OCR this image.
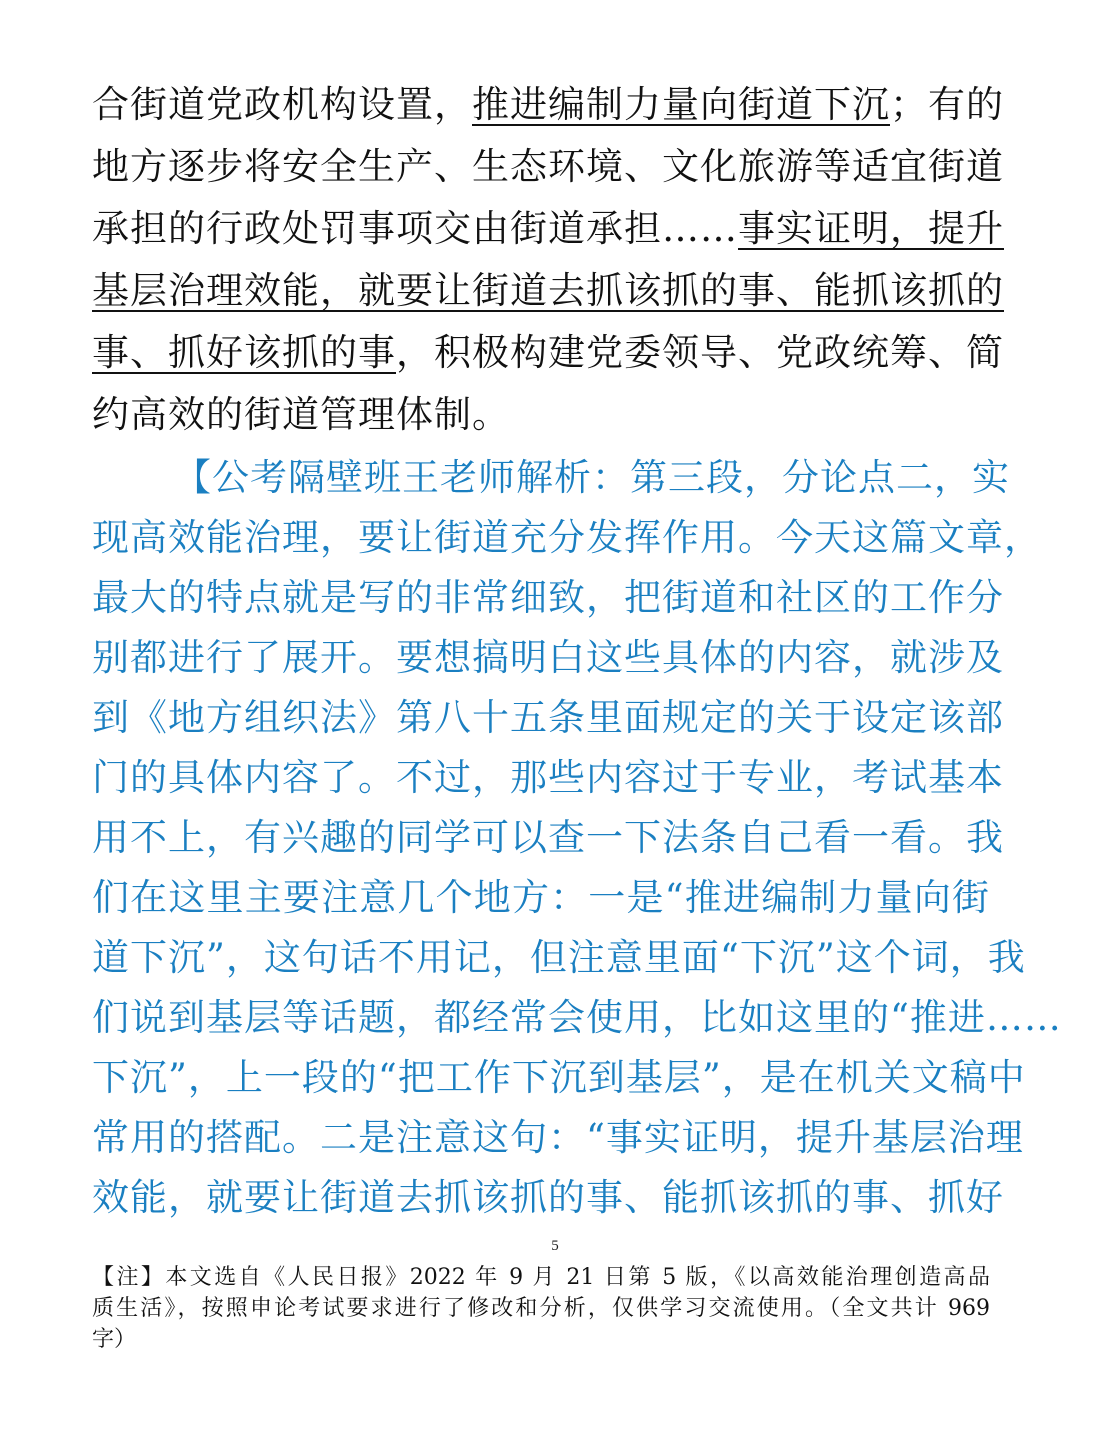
合街道党政机构设置，推进编制力量向街道下沉；有的
地方逐步将安全生产、生态环境、文化旅游等适宜街道
承担的行政处罚事项交由街道承担……事实证明，提升
基层治理效能，就要让街道去抓该抓的事、能抓该抓的
事、抓好该抓的事，积极构建党委领导、党政统筹、简
约高效的街道管理体制。
【公考隔壁班王老师解析：第三段，分论点二，实
现高效能治理，要让街道充分发挥作用。今天这篇文章，
最大的特点就是写的非常细致，把街道和社区的工作分
别都进行了展开。要想搞明白这些具体的内容，就涉及
到《地方组织法》第八十五条里面规定的关于设定该部
门的具体内容了。不过，那些内容过于专业，考试基本
用不上，有兴趣的同学可以查一下法条自己看一看。我
们在这里主要注意几个地方：一是“推进编制力量向街
道下沉”，这句话不用记，但注意里面“下沉”这个词，我
们说到基层等话题，都经常会使用，比如这里的“推进……
下沉”，上一段的“把工作下沉到基层”，是在机关文稿中
常用的搭配。二是注意这句：“事实证明，提升基层治理
效能，就要让街道去抓该抓的事、能抓该抓的事、抓好
5
【注】本文选自《人民日报》2022 年 9 月 21 日第 5 版，《以高效能治理创造高品
质生活》，按照申论考试要求进行了修改和分析，仅供学习交流使用。（全文共计 969
字）
